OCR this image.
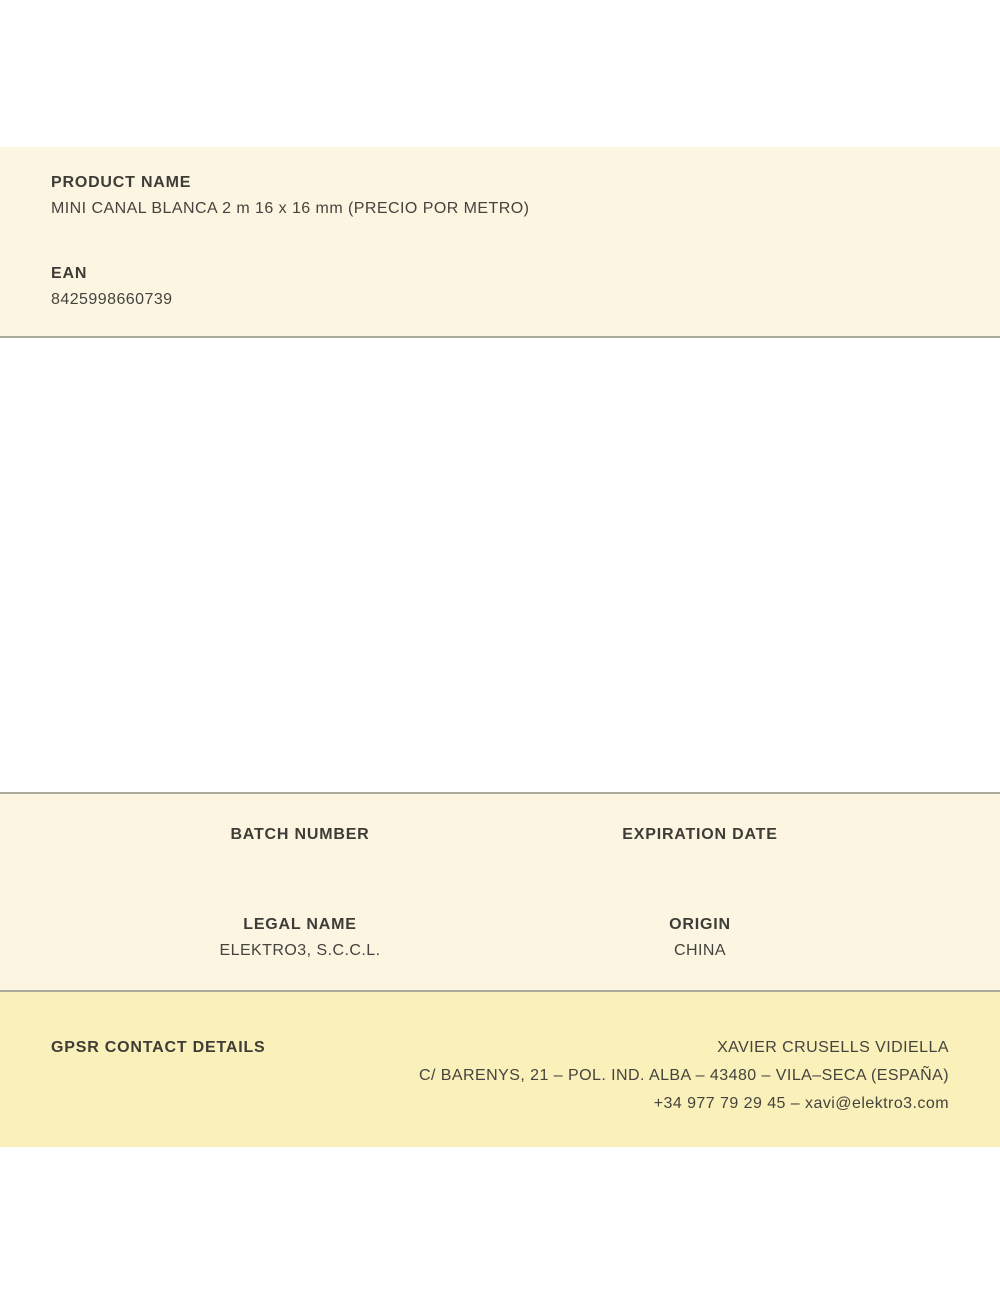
PRODUCT NAME
MINI CANAL BLANCA 2 m 16 x 16 mm (PRECIO POR METRO)
EAN
8425998660739
BATCH NUMBER	EXPIRATION DATE
LEGAL NAME
ELEKTRO3, S.C.C.L.
ORIGIN
CHINA
GPSR CONTACT DETAILS	XAVIER CRUSELLS VIDIELLA
C/ BARENYS, 21 – POL. IND. ALBA – 43480 – VILA–SECA (ESPAÑA)
+34 977 79 29 45 – xavi@elektro3.com
